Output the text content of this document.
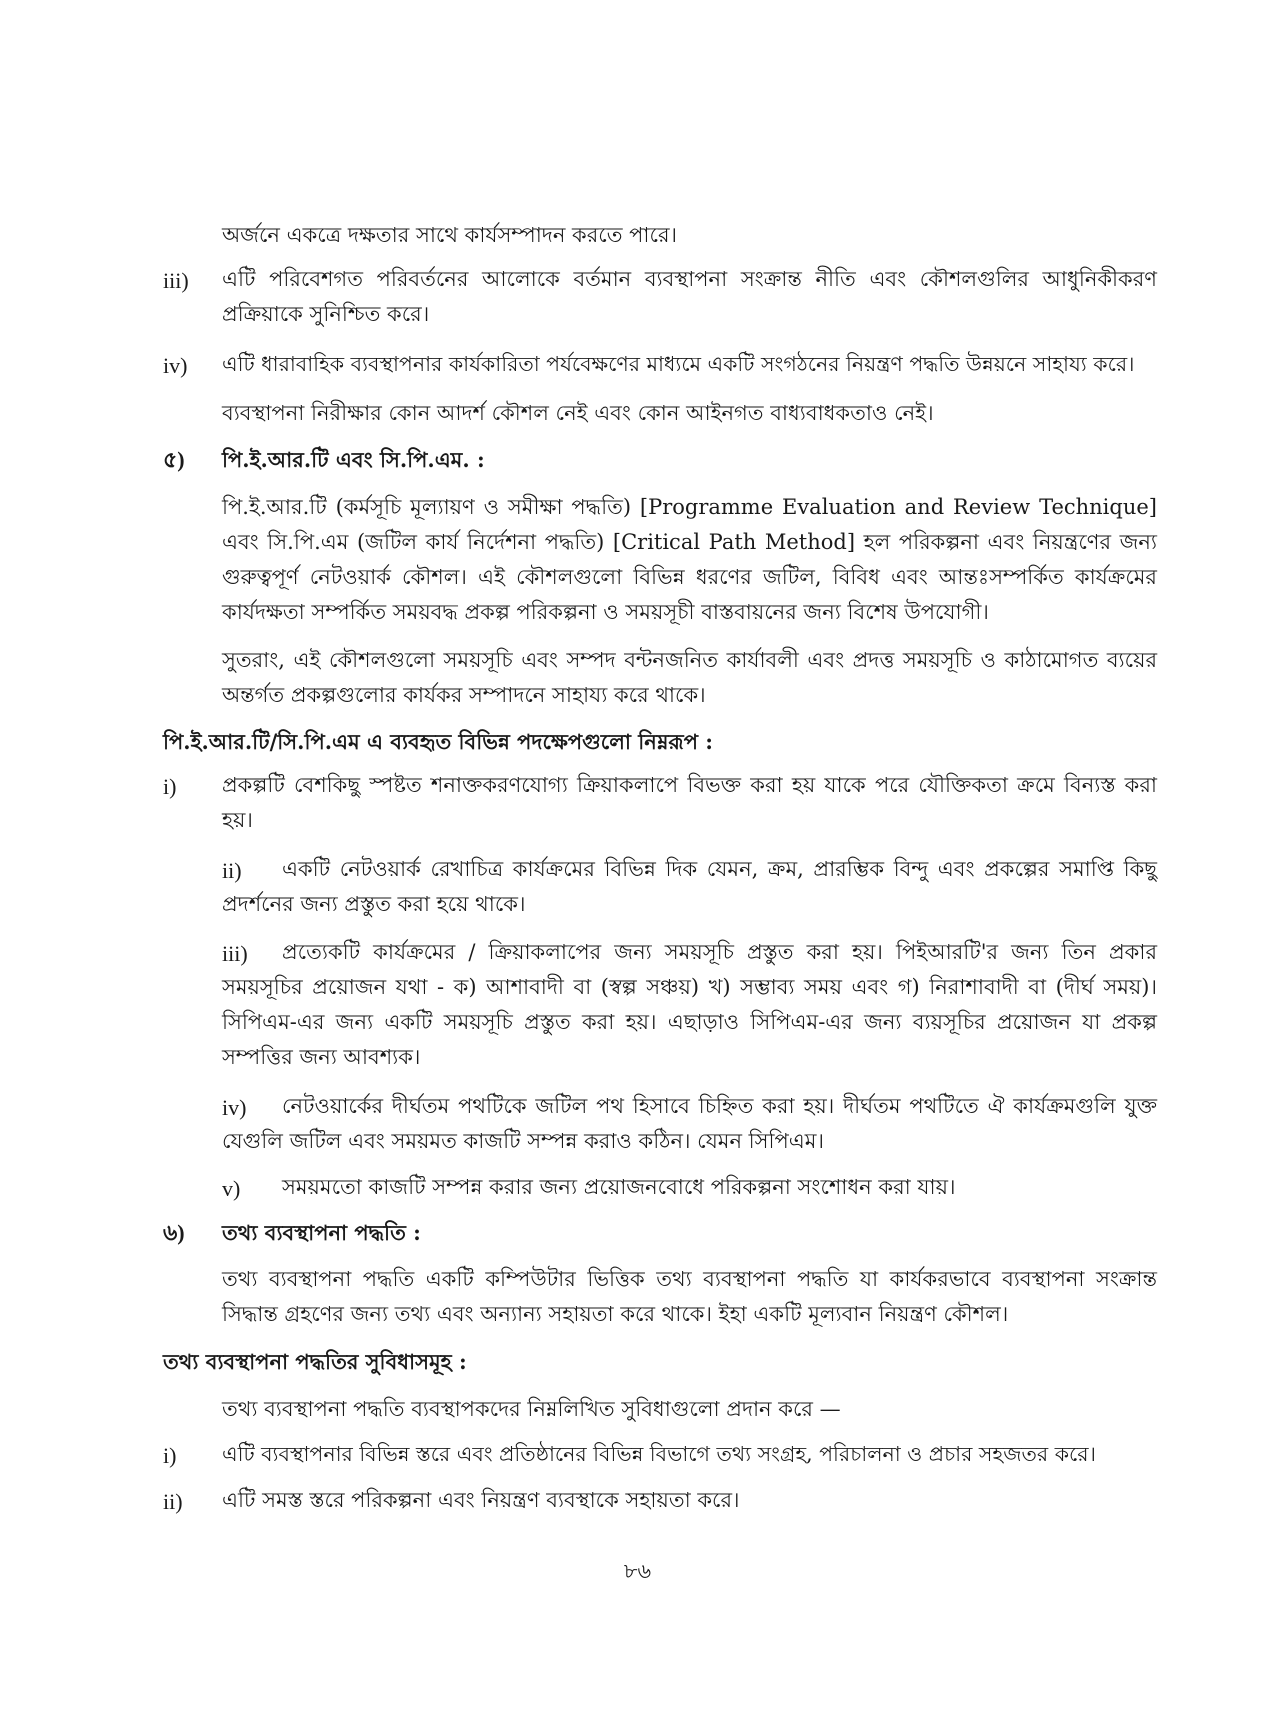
অর্জনে একত্রে দক্ষতার সাথে কার্যসম্পাদন করতে পারে।
iii) এটি পরিবেশগত পরিবর্তনের আলোকে বর্তমান ব্যবস্থাপনা সংক্রান্ত নীতি এবং কৌশলগুলির আধুনিকীকরণ প্রক্রিয়াকে সুনিশ্চিত করে।
iv) এটি ধারাবাহিক ব্যবস্থাপনার কার্যকারিতা পর্যবেক্ষণের মাধ্যমে একটি সংগঠনের নিয়ন্ত্রণ পদ্ধতি উন্নয়নে সাহায্য করে।
ব্যবস্থাপনা নিরীক্ষার কোন আদর্শ কৌশল নেই এবং কোন আইনগত বাধ্যবাধকতাও নেই।
৫) পি.ই.আর.টি এবং সি.পি.এম. :
পি.ই.আর.টি (কর্মসূচি মূল্যায়ণ ও সমীক্ষা পদ্ধতি) [Programme Evaluation and Review Technique] এবং সি.পি.এম (জটিল কার্য নির্দেশনা পদ্ধতি) [Critical Path Method] হল পরিকল্পনা এবং নিয়ন্ত্রণের জন্য গুরুত্বপূর্ণ নেটওয়ার্ক কৌশল। এই কৌশলগুলো বিভিন্ন ধরণের জটিল, বিবিধ এবং আন্তঃসম্পর্কিত কার্যক্রমের কার্যদক্ষতা সম্পর্কিত সময়বদ্ধ প্রকল্প পরিকল্পনা ও সময়সূচী বাস্তবায়নের জন্য বিশেষ উপযোগী।
সুতরাং, এই কৌশলগুলো সময়সূচি এবং সম্পদ বন্টনজনিত কার্যাবলী এবং প্রদত্ত সময়সূচি ও কাঠামোগত ব্যয়ের অন্তর্গত প্রকল্পগুলোর কার্যকর সম্পাদনে সাহায্য করে থাকে।
পি.ই.আর.টি/সি.পি.এম এ ব্যবহৃত বিভিন্ন পদক্ষেপগুলো নিম্নরূপ :
i) প্রকল্পটি বেশকিছু স্পষ্টত শনাক্তকরণযোগ্য ক্রিয়াকলাপে বিভক্ত করা হয় যাকে পরে যৌক্তিকতা ক্রমে বিন্যস্ত করা হয়।
একটি নেটওয়ার্ক রেখাচিত্র কার্যক্রমের বিভিন্ন দিক যেমন, ক্রম, প্রারম্ভিক বিন্দু এবং প্রকল্পের সমাপ্তি কিছু প্রদর্শনের জন্য প্রস্তুত করা হয়ে থাকে।
ii)
প্রত্যেকটি কার্যক্রমের / ক্রিয়াকলাপের জন্য সময়সূচি প্রস্তুত করা হয়। পিইআরটি'র জন্য তিন প্রকার সময়সূচির প্রয়োজন যথা - ক) আশাবাদী বা (স্বল্প সঞ্চয়) খ) সম্ভাব্য সময় এবং গ) নিরাশাবাদী বা (দীর্ঘ সময়)। সিপিএম-এর জন্য একটি সময়সূচি প্রস্তুত করা হয়। এছাড়াও সিপিএম-এর জন্য ব্যয়সূচির প্রয়োজন যা প্রকল্প সম্পত্তির জন্য আবশ্যক।
iii)
নেটওয়ার্কের দীর্ঘতম পথটিকে জটিল পথ হিসাবে চিহ্নিত করা হয়। দীর্ঘতম পথটিতে ঐ কার্যক্রমগুলি যুক্ত যেগুলি জটিল এবং সময়মত কাজটি সম্পন্ন করাও কঠিন। যেমন সিপিএম।
iv)
v) সময়মতো কাজটি সম্পন্ন করার জন্য প্রয়োজনবোধে পরিকল্পনা সংশোধন করা যায়।
৬) তথ্য ব্যবস্থাপনা পদ্ধতি :
তথ্য ব্যবস্থাপনা পদ্ধতি একটি কম্পিউটার ভিত্তিক তথ্য ব্যবস্থাপনা পদ্ধতি যা কার্যকরভাবে ব্যবস্থাপনা সংক্রান্ত সিদ্ধান্ত গ্রহণের জন্য তথ্য এবং অন্যান্য সহায়তা করে থাকে। ইহা একটি মূল্যবান নিয়ন্ত্রণ কৌশল।
তথ্য ব্যবস্থাপনা পদ্ধতির সুবিধাসমূহ :
তথ্য ব্যবস্থাপনা পদ্ধতি ব্যবস্থাপকদের নিম্নলিখিত সুবিধাগুলো প্রদান করে —
i) এটি ব্যবস্থাপনার বিভিন্ন স্তরে এবং প্রতিষ্ঠানের বিভিন্ন বিভাগে তথ্য সংগ্রহ, পরিচালনা ও প্রচার সহজতর করে।
ii) এটি সমস্ত স্তরে পরিকল্পনা এবং নিয়ন্ত্রণ ব্যবস্থাকে সহায়তা করে।
৮৬
